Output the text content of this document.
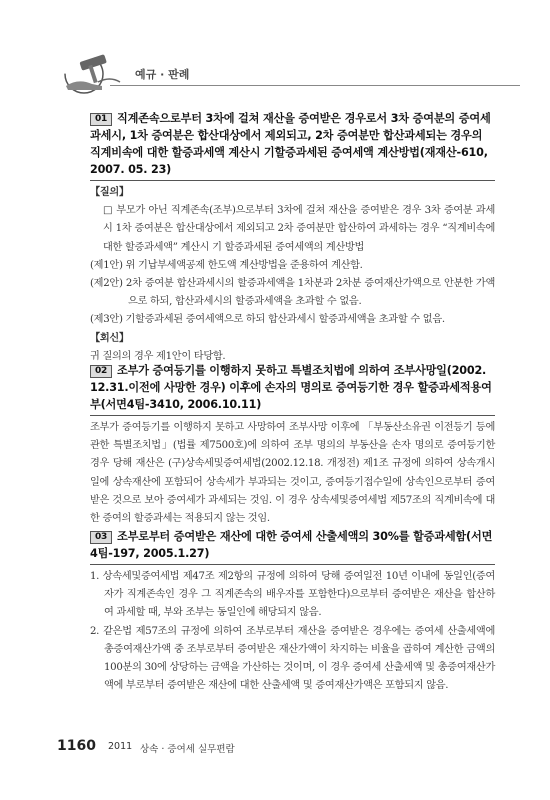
예규 · 판례
01 직계존속으로부터 3차에 걸쳐 재산을 증여받은 경우로서 3차 증여분의 증여세 과세시, 1차 증여분은 합산대상에서 제외되고, 2차 증여분만 합산과세되는 경우의 직계비속에 대한 할증과세액 계산시 기할증과세된 증여세액 계산방법(재재산-610, 2007. 05. 23)
【질의】
□ 부모가 아닌 직계존속(조부)으로부터 3차에 걸쳐 재산을 증여받은 경우 3차 증여분 과세시 1차 증여분은 합산대상에서 제외되고 2차 증여분만 합산하여 과세하는 경우 “직계비속에 대한 할증과세액” 계산시 기 할증과세된 증여세액의 계산방법
(제1안) 위 기납부세액공제 한도액 계산방법을 준용하여 계산함.
(제2안) 2차 증여분 합산과세시의 할증과세액을 1차분과 2차분 증여재산가액으로 안분한 가액으로 하되, 합산과세시의 할증과세액을 초과할 수 없음.
(제3안) 기할증과세된 증여세액으로 하되 합산과세시 할증과세액을 초과할 수 없음.
【회신】
귀 질의의 경우 제1안이 타당함.
02 조부가 증여등기를 이행하지 못하고 특별조치법에 의하여 조부사망일(2002. 12.31.이전에 사망한 경우) 이후에 손자의 명의로 증여등기한 경우 할증과세적용여부(서면4팀-3410, 2006.10.11)
조부가 증여등기를 이행하지 못하고 사망하여 조부사망 이후에 「부동산소유권 이전등기 등에 관한 특별조치법」(법률 제7500호)에 의하여 조부 명의의 부동산을 손자 명의로 증여등기한 경우 당해 재산은 (구)상속세및증여세법(2002.12.18. 개정전) 제1조 규정에 의하여 상속개시일에 상속재산에 포함되어 상속세가 부과되는 것이고, 증여등기접수일에 상속인으로부터 증여받은 것으로 보아 증여세가 과세되는 것임. 이 경우 상속세및증여세법 제57조의 직계비속에 대한 증여의 할증과세는 적용되지 않는 것임.
03 조부로부터 증여받은 재산에 대한 증여세 산출세액의 30%를 할증과세함(서면4팀-197, 2005.1.27)
1. 상속세및증여세법 제47조 제2항의 규정에 의하여 당해 증여일전 10년 이내에 동일인(증여자가 직계존속인 경우 그 직계존속의 배우자를 포함한다)으로부터 증여받은 재산을 합산하여 과세할 때, 부와 조부는 동일인에 해당되지 않음.
2. 같은법 제57조의 규정에 의하여 조부로부터 재산을 증여받은 경우에는 증여세 산출세액에 총증여재산가액 중 조부로부터 증여받은 재산가액이 차지하는 비율을 곱하여 계산한 금액의 100분의 30에 상당하는 금액을 가산하는 것이며, 이 경우 증여세 산출세액 및 총증여재산가액에 부로부터 증여받은 재산에 대한 산출세액 및 증여재산가액은 포함되지 않음.
1160 2011 상속 · 증여세 실무편람
